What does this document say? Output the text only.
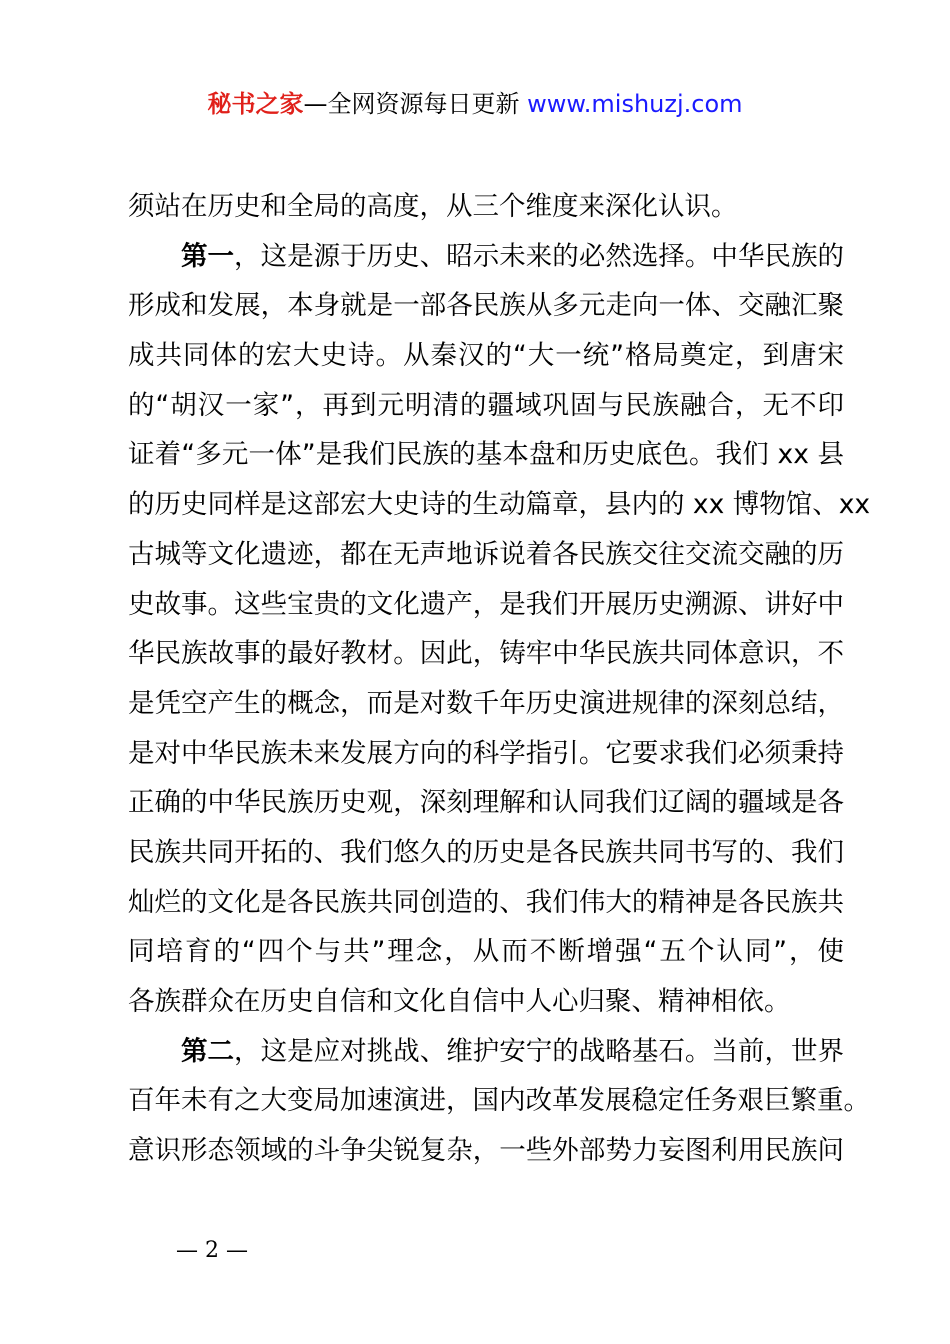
秘书之家—全网资源每日更新 www.mishuzj.com
须站在历史和全局的高度，从三个维度来深化认识。
第一，这是源于历史、昭示未来的必然选择。中华民族的
形成和发展，本身就是一部各民族从多元走向一体、交融汇聚
成共同体的宏大史诗。从秦汉的“大一统”格局奠定，到唐宋
的“胡汉一家”，再到元明清的疆域巩固与民族融合，无不印
证着“多元一体”是我们民族的基本盘和历史底色。我们 xx 县
的历史同样是这部宏大史诗的生动篇章，县内的 xx 博物馆、xx
古城等文化遗迹，都在无声地诉说着各民族交往交流交融的历
史故事。这些宝贵的文化遗产，是我们开展历史溯源、讲好中
华民族故事的最好教材。因此，铸牢中华民族共同体意识，不
是凭空产生的概念，而是对数千年历史演进规律的深刻总结，
是对中华民族未来发展方向的科学指引。它要求我们必须秉持
正确的中华民族历史观，深刻理解和认同我们辽阔的疆域是各
民族共同开拓的、我们悠久的历史是各民族共同书写的、我们
灿烂的文化是各民族共同创造的、我们伟大的精神是各民族共
同培育的“四个与共”理念，从而不断增强“五个认同”，使
各族群众在历史自信和文化自信中人心归聚、精神相依。
第二，这是应对挑战、维护安宁的战略基石。当前，世界
百年未有之大变局加速演进，国内改革发展稳定任务艰巨繁重。
意识形态领域的斗争尖锐复杂，一些外部势力妄图利用民族问
— 2 —
